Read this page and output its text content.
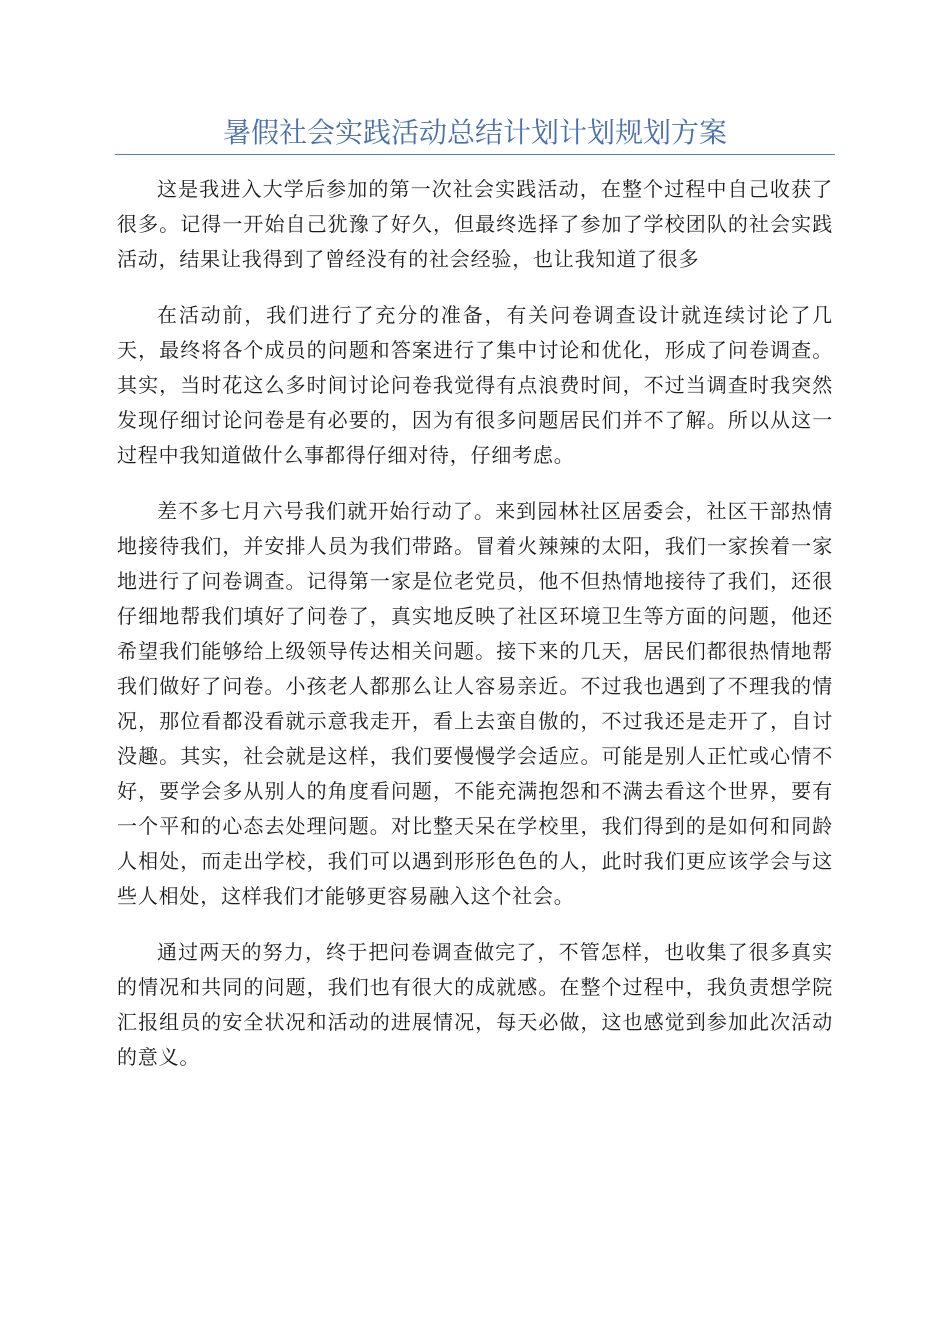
暑假社会实践活动总结计划计划规划方案

这是我进入大学后参加的第一次社会实践活动，在整个过程中自己收获了很多。记得一开始自己犹豫了好久，但最终选择了参加了学校团队的社会实践活动，结果让我得到了曾经没有的社会经验，也让我知道了很多

在活动前，我们进行了充分的准备，有关问卷调查设计就连续讨论了几天，最终将各个成员的问题和答案进行了集中讨论和优化，形成了问卷调查。其实，当时花这么多时间讨论问卷我觉得有点浪费时间，不过当调查时我突然发现仔细讨论问卷是有必要的，因为有很多问题居民们并不了解。所以从这一过程中我知道做什么事都得仔细对待，仔细考虑。

差不多七月六号我们就开始行动了。来到园林社区居委会，社区干部热情地接待我们，并安排人员为我们带路。冒着火辣辣的太阳，我们一家挨着一家地进行了问卷调查。记得第一家是位老党员，他不但热情地接待了我们，还很仔细地帮我们填好了问卷了，真实地反映了社区环境卫生等方面的问题，他还希望我们能够给上级领导传达相关问题。接下来的几天，居民们都很热情地帮我们做好了问卷。小孩老人都那么让人容易亲近。不过我也遇到了不理我的情况，那位看都没看就示意我走开，看上去蛮自傲的，不过我还是走开了，自讨没趣。其实，社会就是这样，我们要慢慢学会适应。可能是别人正忙或心情不好，要学会多从别人的角度看问题，不能充满抱怨和不满去看这个世界，要有一个平和的心态去处理问题。对比整天呆在学校里，我们得到的是如何和同龄人相处，而走出学校，我们可以遇到形形色色的人，此时我们更应该学会与这些人相处，这样我们才能够更容易融入这个社会。

通过两天的努力，终于把问卷调查做完了，不管怎样，也收集了很多真实的情况和共同的问题，我们也有很大的成就感。在整个过程中，我负责想学院汇报组员的安全状况和活动的进展情况，每天必做，这也感觉到参加此次活动的意义。
